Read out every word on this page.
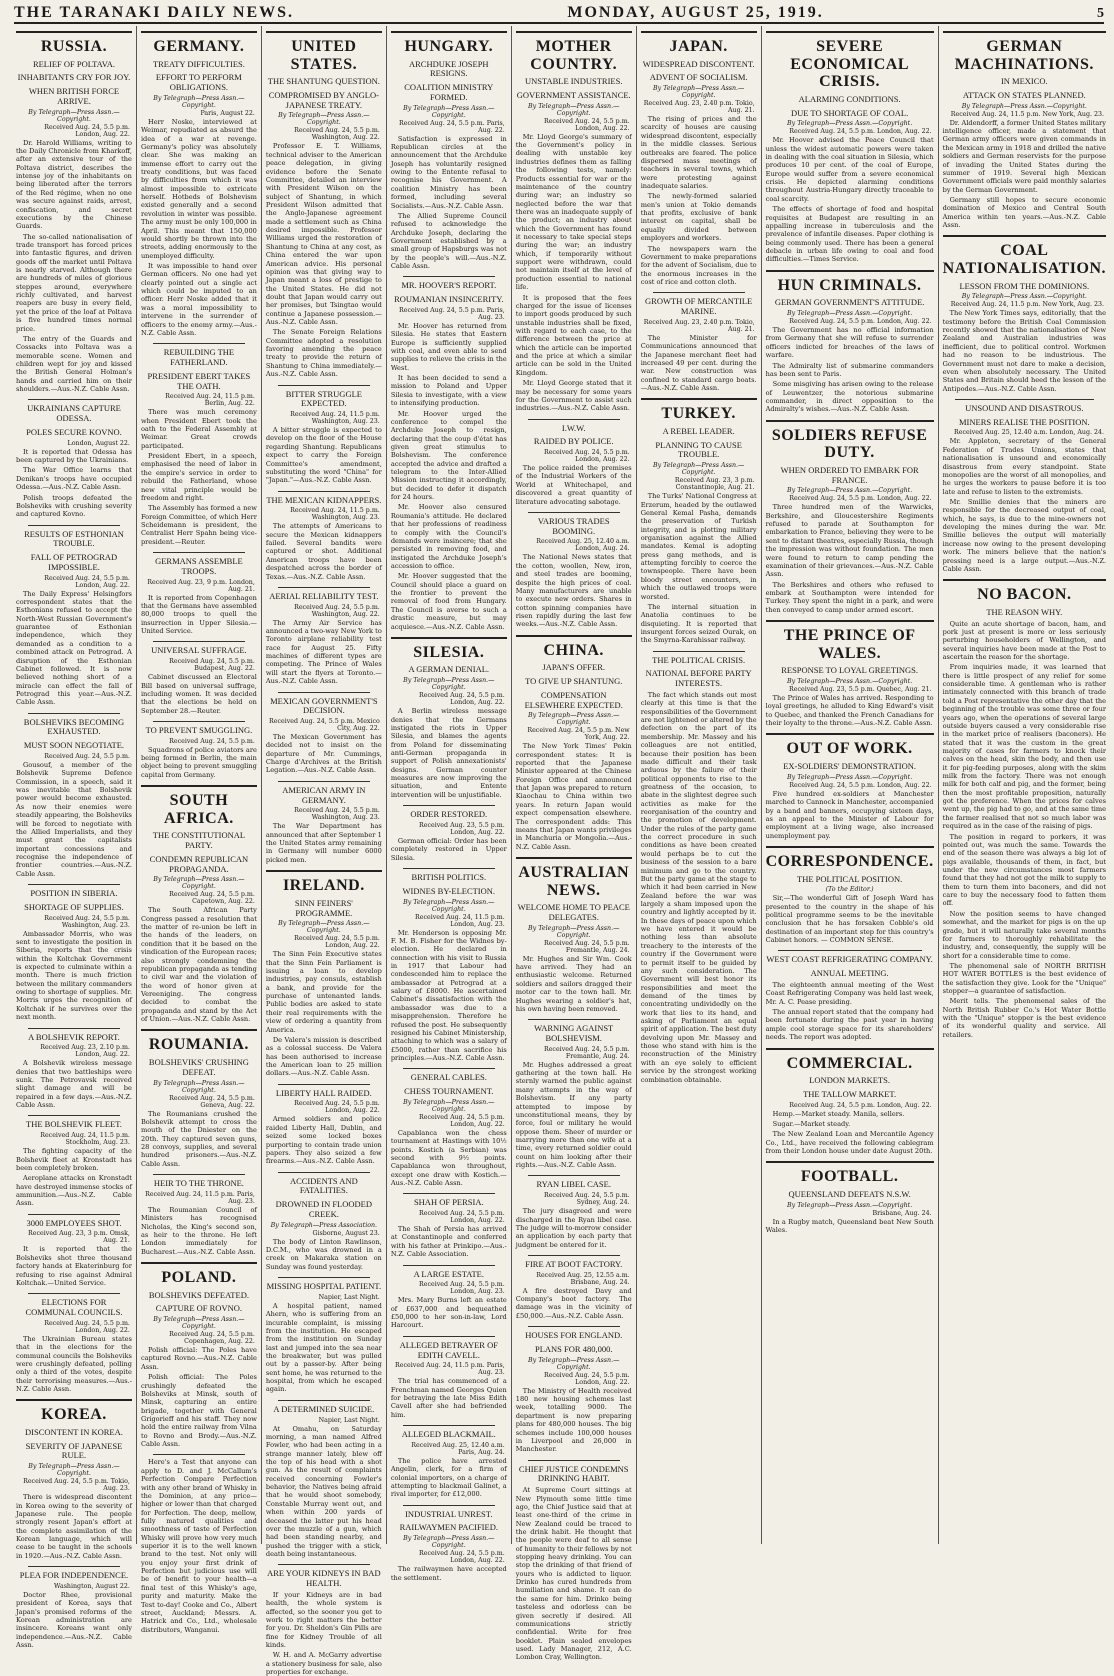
THE TARANAKI DAILY NEWS.	MONDAY, AUGUST 25, 1919.	5
RUSSIA.
RELIEF OF POLTAVA.
INHABITANTS CRY FOR JOY.
WHEN BRITISH FORCE ARRIVE.
By Telegraph—Press Assn.—Copyright.
Received Aug. 24, 5.5 p.m. London, Aug. 22.

Dr. Harold Williams, writing to the Daily Chronicle from Kharkoff, after an extensive tour of the Poltava district, describes the intense joy of the inhabitants on being liberated after the terrors of the Red régime, when no one was secure against raids, arrest, confiscation, and secret executions by the Chinese Guards.

The so-called nationalisation of trade transport has forced prices into fantastic figures, and driven goods off the market until Poltava is nearly starved. Although there are hundreds of miles of glorious steppes around, everywhere richly cultivated, and harvest reapers are busy in every field, yet the price of the loaf at Poltava is five hundred times normal price.

The entry of the Guards and Cossacks into Poltava was a memorable scene. Women and children wept for joy and kissed the British General Holman's hands and carried him on their shoulders.—Aus.-N.Z. Cable Assn.

UKRAINIANS CAPTURE ODESSA.
POLES SECURE KOVNO.
London, August 22.

It is reported that Odessa has been captured by the Ukrainians.

The War Office learns that Denikan's troops have occupied Odessa.—Aus.-N.Z. Cable Assn.

Polish troops defeated the Bolsheviks with crushing severity and captured Kovno.

RESULTS OF ESTHONIAN TROUBLE.
FALL OF PETROGRAD IMPOSSIBLE.
Received Aug. 24, 5.5 p.m. London, Aug. 22.

The Daily Express' Helsingfors correspondent states that the Esthonians refused to accept the North-West Russian Government's guarantee of Esthonian independence, which they demanded as a condition to a combined attack on Petrograd. A disruption of the Esthonian Cabinet followed. It is now believed nothing short of a miracle can effect the fall of Petrograd this year.—Aus.-N.Z. Cable Assn.

BOLSHEVIKS BECOMING EXHAUSTED.
MUST SOON NEGOTIATE.
Received Aug. 24, 5.5 p.m.

Gousouf, a member of the Bolshevik Supreme Defence Commission, in a speech, said it was inevitable that Bolshevik power would become exhausted. As now their enemies were steadily appearing, the Bolsheviks will be forced to negotiate with the Allied Imperialists, and they must grant the capitalists important concessions and recognise the independence of frontier countries.—Aus.-N.Z. Cable Assn.

POSITION IN SIBERIA.
SHORTAGE OF SUPPLIES.
Received Aug. 24, 5.5 p.m. Washington, Aug. 23.

Ambassador Morris, who was sent to investigate the position in Siberia, reports that the crisis within the Koltchak Government is expected to culminate within a month. There is much friction between the military commanders owing to shortage of supplies. Mr. Morris urges the recognition of Koltchak if he survives over the next month.

A BOLSHEVIK REPORT.
Received Aug. 23, 2.10 p.m. London, Aug. 22.

A Bolshevik wireless message denies that two battleships were sunk. The Petrovavsk received slight damage and will be repaired in a few days.—Aus.-N.Z. Cable Assn.

THE BOLSHEVIK FLEET.
Received Aug. 24, 11.5 p.m. Stockholm, Aug. 23.

The fighting capacity of the Bolshevik fleet at Kronstadt has been completely broken.

Aeroplane attacks on Kronstadt have destroyed immense stocks of ammunition.—Aus.-N.Z. Cable Assn.

3000 EMPLOYEES SHOT.
Received Aug. 23, 3 p.m. Omsk, Aug. 21.

It is reported that the Bolsheviks shot three thousand factory hands at Ekaterinburg for refusing to rise against Admiral Koltchak.—United Service.

ELECTIONS FOR COMMUNAL COUNCILS.
Received Aug. 24, 5.5 p.m. London, Aug. 22.

The Ukrainian Bureau states that in the elections for the communal councils the Bolsheviks were crushingly defeated, polling only a third of the votes, despite their terrorising measures.—Aus.-N.Z. Cable Assn.

KOREA.
DISCONTENT IN KOREA.
SEVERITY OF JAPANESE RULE.
By Telegraph—Press Assn.—Copyright.
Received Aug. 24, 5.5 p.m. Tokio, Aug. 23.

There is widespread discontent in Korea owing to the severity of Japanese rule. The people strongly resent Japan's effort at the complete assimilation of the Korean language, which will cease to be taught in the schools in 1920.—Aus.-N.Z. Cable Assn.

PLEA FOR INDEPENDENCE.
Washington, August 22.

Doctor Rhee, provisional president of Korea, says that Japan's promised reforms of the Korean administration are insincere. Koreans want only independence.—Aus.-N.Z. Cable Assn.

GERMANY.
TREATY DIFFICULTIES.
EFFORT TO PERFORM OBLIGATIONS.
By Telegraph—Press Assn.—Copyright.
Paris, August 22.

Herr Noske, interviewed at Weimar, repudiated as absurd the idea of a war at revenge. Germany's policy was absolutely clear. She was making an immense effort to carry out the treaty conditions, but was faced by difficulties from which it was almost impossible to extricate herself. Hotbeds of Bolshevism existed generally and a second revolution in winter was possible. The army must be only 100,000 in April. This meant that 150,000 would shortly be thrown into the streets, adding enormously to the unemployed difficulty.

It was impossible to hand over German officers. No one had yet clearly pointed out a single act which could be imputed to an officer. Herr Noske added that it was a moral impossibility to intervene in the surrender of officers to the enemy army.—Aus.-N.Z. Cable Assn.

REBUILDING THE FATHERLAND.
PRESIDENT EBERT TAKES THE OATH.
Received Aug. 24, 11.5 p.m. Berlin, Aug. 22.

There was much ceremony when President Ebert took the oath to the Federal Assembly at Weimar. Great crowds participated.

President Ebert, in a speech, emphasised the need of labor in the empire's service in order to rebuild the Fatherland, whose new vital principle would be freedom and right.

The Assembly has formed a new Foreign Committee, of which Herr Scheidemann is president, the Centralist Herr Spahn being vice-president.—Reuter.

GERMANS ASSEMBLE TROOPS.
Received Aug. 23, 9 p.m. London, Aug. 21.

It is reported from Copenhagen that the Germans have assembled 80,000 troops to quell the insurrection in Upper Silesia.—United Service.

UNIVERSAL SUFFRAGE.
Received Aug. 24, 5.5 p.m. Budapest, Aug. 22.

Cabinet discussed an Electoral Bill based on universal suffrage, including women. It was decided that the elections be held on September 28.—Reuter.

TO PREVENT SMUGGLING.
Received Aug. 24, 5.5 p.m.

Squadrons of police aviators are being formed in Berlin, the main object being to prevent smuggling capital from Germany.

SOUTH AFRICA.
THE CONSTITUTIONAL PARTY.
CONDEMN REPUBLICAN PROPAGANDA.
By Telegraph—Press Assn.—Copyright.
Received Aug. 24, 5.5 p.m. Capetown, Aug. 22.

The South African Party Congress passed a resolution that the matter of re-union be left in the hands of the leaders, on condition that it be based on the vindication of the European races; also strongly condemning the republican propaganda as tending to civil war and the violation of the word of honor given at Vereeniging. The congress decided to combat the propaganda and stand by the Act of Union.—Aus.-N.Z. Cable Assn.

ROUMANIA.
BOLSHEVIKS' CRUSHING DEFEAT.
By Telegraph—Press Assn.—Copyright.
Received Aug. 24, 5.5 p.m. Geneva, Aug. 22.

The Roumanians crushed the Bolshevik attempt to cross the mouth of the Dniester on the 20th. They captured seven guns, 28 convoys, supplies, and several hundred prisoners.—Aus.-N.Z. Cable Assn.

HEIR TO THE THRONE.
Received Aug. 24, 11.5 p.m. Paris, Aug. 23.

The Roumanian Council of Ministers has recognised Nicholas, the King's second son, as heir to the throne. He left London immediately for Bucharest.—Aus.-N.Z. Cable Assn.

POLAND.
BOLSHEVIKS DEFEATED.
CAPTURE OF ROVNO.
By Telegraph—Press Assn.—Copyright.
Received Aug. 24, 5.5 p.m. Copenhagen, Aug. 22.

Polish official: The Poles have captured Rovno.—Aus.-N.Z. Cable Assn.

Polish official: The Poles crushingly defeated the Bolsheviks at Minsk, south of Minsk, capturing an entire brigade, together with General Grigorieff and his staff. They now hold the entire railway from Vilna to Rovno and Brody.—Aus.-N.Z. Cable Assn.

Here's a Test that anyone can apply to D. and J. McCallum's Perfection Compare Perfection with any other brand of Whisky in the Dominion, at any price—higher or lower than that charged for Perfection. The deep, mellow, fully matured qualities and smoothness of taste of Perfection Whisky will prove how very much superior it is to the well known brand to the test. Not only will you enjoy your first drink of Perfection but judicious use will be of benefit to your health—a final test of this Whisky's age, purity and maturity. Make the Test to-day! Cooke and Co., Albert street, Auckland; Messrs. A. Hatrick and Co., Ltd., wholesale distributors, Wanganui.

UNITED STATES.
THE SHANTUNG QUESTION.
COMPROMISED BY ANGLO-JAPANESE TREATY.
By Telegraph—Press Assn.—Copyright.
Received Aug. 24, 5.5 p.m. Washington, Aug. 22.

Professor E. T. Williams, technical adviser to the American peace delegation, in giving evidence before the Senate Committee, detailed an interview with President Wilson on the subject of Shantung, in which President Wilson admitted that the Anglo-Japanese agreement made a settlement such as China desired impossible. Professor Williams urged the restoration of Shantung to China at any cost, as China entered the war upon American advice. His personal opinion was that giving way to Japan meant a loss of prestige to the United States. He did not doubt that Japan would carry out her promises, but Tsingtao would continue a Japanese possession.—Aus.-N.Z. Cable Assn.

The Senate Foreign Relations Committee adopted a resolution favoring amending the peace treaty to provide the return of Shantung to China immediately.—Aus.-N.Z. Cable Assn.

BITTER STRUGGLE EXPECTED.
Received Aug. 24, 11.5 p.m. Washington, Aug. 23.

A bitter struggle is expected to develop on the floor of the House regarding Shantung. Republicans expect to carry the Foreign Committee's amendment, substituting the word "China" for "Japan."—Aus.-N.Z. Cable Assn.

THE MEXICAN KIDNAPPERS.
Received Aug. 24, 11.5 p.m. Washington, Aug. 23.

The attempts of Americans to secure the Mexican kidnappers failed. Several bandits were captured or shot. Additional American troops have been despatched across the border of Texas.—Aus.-N.Z. Cable Assn.

AERIAL RELIABILITY TEST.
Received Aug. 24, 5.5 p.m. Washington, Aug. 22.

The Army Air Service has announced a two-way New York to Toronto airplane reliability test race for August 25. Fifty machines of different types are competing. The Prince of Wales will start the flyers at Toronto.—Aus.-N.Z. Cable Assn.

MEXICAN GOVERNMENT'S DECISION.
Received Aug. 24, 5.5 p.m. Mexico City, Aug. 22.

The Mexican Government has decided not to insist on the departure of Mr. Cummings, Charge d'Archives at the British Legation.—Aus.-N.Z. Cable Assn.

AMERICAN ARMY IN GERMANY.
Received Aug. 24, 5.5 p.m. Washington, Aug. 23.

The War Department has announced that after September 1 the United States army remaining in Germany will number 6000 picked men.

IRELAND.
SINN FEINERS' PROGRAMME.
By Telegraph—Press Assn.—Copyright.
Received Aug. 24, 5.5 p.m. London, Aug. 22.

The Sinn Fein Executive states that the Sinn Fein Parliament is issuing a loan to develop industries, pay consuls, establish a bank, and provide for the purchase of untenanted lands. Public bodies are asked to state their real requirements with the view of ordering a quantity from America.

De Valera's mission is described as a colossal success. De Valera has been authorised to increase the American loan to 25 million dollars.—Aus.-N.Z. Cable Assn.

LIBERTY HALL RAIDED.
Received Aug. 24, 5.5 p.m. London, Aug. 22.

Armed soldiers and police raided Liberty Hall, Dublin, and seized some locked boxes purporting to contain trade union papers. They also seized a few firearms.—Aus.-N.Z. Cable Assn.

ACCIDENTS AND FATALITIES.
DROWNED IN FLOODED CREEK.
By Telegraph—Press Association.
Gisborne, August 23.

The body of Linton Rawlinson, D.C.M., who was drowned in a creek on Makaraka station on Sunday was found yesterday.

MISSING HOSPITAL PATIENT.
Napier, Last Night.

A hospital patient, named Ahern, who is suffering from an incurable complaint, is missing from the institution. He escaped from the institution on Sunday last and jumped into the sea near the breakwater, but was pulled out by a passer-by. After being sent home, he was returned to the hospital, from which he escaped again.

A DETERMINED SUICIDE.
Napier, Last Night.

At Omahu, on Saturday morning, a man named Alfred Fowler, who had been acting in a strange manner lately, blew off the top of his head with a shot gun. As the result of complaints received concerning Fowler's behavior, the Natives being afraid that he would shoot somebody, Constable Murray went out, and when within 200 yards of deceased the latter put his head over the muzzle of a gun, which had been standing nearby, and pushed the trigger with a stick, death being instantaneous.

ARE YOUR KIDNEYS IN BAD HEALTH.

If your Kidneys are in bad health, the whole system is affected, so the sooner you get to work to right matters the better for you. Dr. Sheldon's Gin Pills are fine for Kidney Trouble of all kinds.

W. H. and A. McGarry advertise a stationery business for sale, also properties for exchange.

HUNGARY.
ARCHDUKE JOSEPH RESIGNS.
COALITION MINISTRY FORMED.
By Telegraph—Press Assn.—Copyright.
Received Aug. 24, 5.5 p.m. Paris, Aug. 22.

Satisfaction is expressed in Republican circles at the announcement that the Archduke Joseph has voluntarily resigned owing to the Entente refusal to recognise his Government. A coalition Ministry has been formed, including several Socialists.—Aus.-N.Z. Cable Assn.

The Allied Supreme Council refused to acknowledge the Archduke Joseph, declaring the Government established by a small group of Hapsburgs was not by the people's will.—Aus.-N.Z. Cable Assn.

MR. HOOVER'S REPORT.
ROUMANIAN INSINCERITY.
Received Aug. 24, 5.5 p.m. Paris, Aug. 23.

Mr. Hoover has returned from Silesia. He states that Eastern Europe is sufficiently supplied with coal, and even able to send supplies to relieve the crisis in the West.

It has been decided to send a mission to Poland and Upper Silesia to investigate, with a view to intensifying production.

Mr. Hoover urged the conference to compel the Archduke Joseph to resign, declaring that the coup d'état has given great stimulus to Bolshevism. The conference accepted the advice and drafted a telegram to the Inter-Allied Mission instructing it accordingly, but decided to defer it dispatch for 24 hours.

Mr. Hoover also censured Roumania's attitude. He declared that her professions of readiness to comply with the Council's demands were insincere; that she persisted in removing food, and instigated the Archduke Joseph's accession to office.

Mr. Hoover suggested that the Council should place a guard on the frontier to prevent the removal of food from Hungary. The Council is averse to such a drastic measure, but may acquiesce.—Aus.-N.Z. Cable Assn.

SILESIA.
A GERMAN DENIAL.
By Telegraph—Press Assn.—Copyright.
Received Aug. 24, 5.5 p.m. London, Aug. 22.

A Berlin wireless message denies that the Germans instigated the riots in Upper Silesia, and blames the agents from Poland for disseminating anti-German propaganda in support of Polish annexationists' designs. German counter measures are now improving the situation, and Entente intervention will be unjustifiable.

ORDER RESTORED.
Received Aug. 23, 5.5 p.m. London, Aug. 22.

German official: Order has been completely restored in Upper Silesia.

BRITISH POLITICS.
WIDNES BY-ELECTION.
By Telegraph—Press Assn.—Copyright.
Received Aug. 24, 11.5 p.m. London, Aug. 23.

Mr. Henderson is opposing Mr. F. M. B. Fisher for the Widnes by-election. He declared in connection with his visit to Russia in 1917 that Labour had condescended him to replace the ambassador at Petrograd at a salary of £8000. He ascertained Cabinet's dissatisfaction with the ambassador was due to a misapprehension. Therefore he refused the post. He subsequently resigned his Cabinet Ministership, attaching to which was a salary of £5000, rather than sacrifice his principles.—Aus.-N.Z. Cable Assn.

GENERAL CABLES.
CHESS TOURNAMENT.
By Telegraph—Press Assn.—Copyright.
Received Aug. 24, 5.5 p.m. London, Aug. 22.

Capablanca won the chess tournament at Hastings with 10½ points. Kostich (a Serbian) was second with 9½ points. Capablanca won throughout, except one draw with Kostich.—Aus.-N.Z. Cable Assn.

SHAH OF PERSIA.
Received Aug. 24, 5.5 p.m. London, Aug. 22.

The Shah of Persia has arrived at Constantinople and conferred with his father at Prinkipo.—Aus.-N.Z. Cable Association.

A LARGE ESTATE.
Received Aug. 24, 5.5 p.m. London, Aug. 23.

Mrs. Mary Burns left an estate of £637,000 and bequeathed £50,000 to her son-in-law, Lord Harcourt.

ALLEGED BETRAYER OF EDITH CAVELL.
Received Aug. 24, 11.5 p.m. Paris, Aug. 23.

The trial has commenced of a Frenchman named Georges Quien for betraying the late Miss Edith Cavell after she had befriended him.

ALLEGED BLACKMAIL.
Received Aug. 25, 12.40 a.m. Paris, Aug. 24.

The police have arrested Angelin, clerk, for a firm of colonial importers, on a charge of attempting to blackmail Galinet, a rival importer, for £12,000.

INDUSTRIAL UNREST.
RAILWAYMEN PACIFIED.
By Telegraph—Press Assn.—Copyright.
Received Aug. 24, 5.5 p.m. London, Aug. 22.

The railwaymen have accepted the settlement.

MOTHER COUNTRY.
UNSTABLE INDUSTRIES.
GOVERNMENT ASSISTANCE.
By Telegraph—Press Assn.—Copyright.
Received Aug. 24, 5.5 p.m. London, Aug. 22.

Mr. Lloyd George's summary of the Government's policy in dealing with unstable key industries defines them as falling the following tests, namely: Products essential for war or the maintenance of the country during war; an industry so neglected before the war that there was an inadequate supply of the product; an industry about which the Government has found it necessary to take special steps during the war; an industry which, if temporarily without support were withdrawn, could not maintain itself at the level of production essential to national life.

It is proposed that the fees charged for the issue of licenses to import goods produced by such unstable industries shall be fixed, with regard to each case, to the difference between the price at which the article can be imported and the price at which a similar article can be sold in the United Kingdom.

Mr. Lloyd George stated that it may be necessary for some years for the Government to assist such industries.—Aus.-N.Z. Cable Assn.

I.W.W.
RAIDED BY POLICE.
Received Aug. 24, 5.5 p.m. London, Aug. 22.

The police raided the premises of the Industrial Workers of the World at Whitechapel, and discovered a great quantity of literature advocating sabotage.

VARIOUS TRADES BOOMING.
Received Aug. 25, 12.40 a.m. London, Aug. 24.

The National News states that the cotton, woollen, New, iron, and steel trades are booming, despite the high prices of coal. Many manufacturers are unable to execute new orders. Shares in cotton spinning companies have risen rapidly during the last few weeks.—Aus.-N.Z. Cable Assn.

CHINA.
JAPAN'S OFFER.
TO GIVE UP SHANTUNG.
COMPENSATION ELSEWHERE EXPECTED.
By Telegraph—Press Assn.—Copyright.
Received Aug. 24, 5.5 p.m. New York, Aug. 22.

The New York Times' Pekin correspondent states: It is reported that the Japanese Minister appeared at the Chinese Foreign Office and announced that Japan was prepared to return Kiaochau to China within two years. In return Japan would expect compensation elsewhere. The correspondent adds: This means that Japan wants privileges in Manchuria or Mongolia.—Aus.-N.Z. Cable Assn.

AUSTRALIAN NEWS.
WELCOME HOME TO PEACE DELEGATES.
By Telegraph—Press Assn.—Copyright.
Received Aug. 24, 5.5 p.m. Fremantle, Aug. 24.

Mr. Hughes and Sir Wm. Cook have arrived. They had an enthusiastic welcome. Returned soldiers and sailors dragged their motor car to the town hall. Mr. Hughes wearing a soldier's hat, his own having been removed.

WARNING AGAINST BOLSHEVISM.
Received Aug. 24, 5.5 p.m. Fremantle, Aug. 24.

Mr. Hughes addressed a great gathering at the town hall. He sternly warned the public against many attempts in the way of Bolshevism. If any party attempted to impose by unconstitutional means, they by force, foul or military he would oppose them. Sheer of murder or marrying more than one wife at a time, every returned soldier could count on him looking after their rights.—Aus.-N.Z. Cable Assn.

RYAN LIBEL CASE.
Received Aug. 24, 5.5 p.m. Sydney, Aug. 24.

The jury disagreed and were discharged in the Ryan libel case. The judge will to-morrow consider an application by each party that judgment be entered for it.

FIRE AT BOOT FACTORY.
Received Aug. 25, 12.55 a.m. Brisbane, Aug. 24.

A fire destroyed Davy and Company's boot factory. The damage was in the vicinity of £50,000.—Aus.-N.Z. Cable Assn.

HOUSES FOR ENGLAND.
PLANS FOR 480,000.
By Telegraph—Press Assn.—Copyright.
Received Aug. 24, 5.5 p.m. London, Aug. 22.

The Ministry of Health received 180 new housing schemes last week, totalling 9000. The department is now preparing plans for 480,000 houses. The big schemes include 100,000 houses in Liverpool and 26,000 in Manchester.

CHIEF JUSTICE CONDEMNS DRINKING HABIT.

At Supreme Court sittings at New Plymouth some little time ago, the Chief Justice said that at least one-third of the crime in New Zealand could be traced to the drink habit. He thought that the people were deaf to all sense of humanity to their fellows by not stopping heavy drinking. You can stop the drinking of that friend of yours who is addicted to liquor. Drinko has cured hundreds from humiliation and shame. It can do the same for him. Drinko being tasteless and odorless can be given secretly if desired. All communications strictly confidential. Write for free booklet. Plain sealed envelopes used. Lady Manager, 212, A.C. Lombon Cray, Wellington.

JAPAN.
WIDESPREAD DISCONTENT.
ADVENT OF SOCIALISM.
By Telegraph—Press Assn.—Copyright.
Received Aug. 23, 2.40 p.m. Tokio, Aug. 21.

The rising of prices and the scarcity of houses are causing widespread discontent, especially in the middle classes. Serious outbreaks are feared. The police dispersed mass meetings of teachers in several towns, which were protesting against inadequate salaries.

The newly-formed salaried men's union at Tokio demands that profits, exclusive of bank interest on capital, shall be equally divided between employers and workers.

The newspapers warn the Government to make preparations for the advent of Socialism, due to the enormous increases in the cost of rice and cotton cloth.

GROWTH OF MERCANTILE MARINE.
Received Aug. 23, 2.40 p.m. Tokio, Aug. 21.

The Minister for Communications announced that the Japanese merchant fleet had increased 49 per cent. during the war. New construction was confined to standard cargo boats.—Aus.-N.Z. Cable Assn.

TURKEY.
A REBEL LEADER.
PLANNING TO CAUSE TROUBLE.
By Telegraph—Press Assn.—Copyright.
Received Aug. 23, 3 p.m. Constantinople, Aug. 21.

The Turks' National Congress at Erzerum, headed by the outlawed General Kemal Pasha, demands the preservation of Turkish integrity, and is plotting military organisation against the Allied mandates. Kemal is adopting press gang methods, and is attempting forcibly to coerce the townspeople. There have been bloody street encounters, in which the outlawed troops were worsted.

The internal situation in Anatolia continues to be disquieting. It is reported that insurgent forces seized Ourak, on the Smyrna-Karahissar railway.

THE POLITICAL CRISIS.
NATIONAL BEFORE PARTY INTERESTS.

The fact which stands out most clearly at this time is that the responsibilities of the Government are not lightened or altered by the defection on the part of its membership. Mr. Massey and his colleagues are not entitled, because their position has been made difficult and their task arduous by the failure of their political opponents to rise to the greatness of the occasion, to abate in the slightest degree such activities as make for the reorganisation of the country and the promotion of development. Under the rules of the party game the correct procedure in such conditions as have been created would perhaps be to cut the business of the session to a bare minimum and go to the country. But the party game at the stage to which it had been carried in New Zealand before the war was largely a sham imposed upon the country and lightly accepted by it. In these days of peace upon which we have entered it would be nothing less than absolute treachery to the interests of the country if the Government were to permit itself to be guided by any such consideration. The Government will best honor its responsibilities and meet the demand of the times by concentrating undividedly on the work that lies to its hand, and asking of Parliament an equal spirit of application. The best duty devolving upon Mr. Massey and those who stand with him is the reconstruction of the Ministry with an eye solely to efficient service by the strongest working combination obtainable.

SEVERE ECONOMICAL CRISIS.
ALARMING CONDITIONS.
DUE TO SHORTAGE OF COAL.
By Telegraph—Press Assn.—Copyright.
Received Aug. 24, 5.5 p.m. London, Aug. 22.

Mr. Hoover advised the Peace Council that unless the widest automatic powers were taken in dealing with the coal situation in Silesia, which produces 10 per cent. of the coal of Europe, Europe would suffer from a severe economical crisis. He depicted alarming conditions throughout Austria-Hungary directly traceable to coal scarcity.

The effects of shortage of food and hospital requisites at Budapest are resulting in an appalling increase in tuberculosis and the prevalence of infantile diseases. Paper clothing is being commonly used. There has been a general debacle in urban life owing to coal and food difficulties.—Times Service.

HUN CRIMINALS.
GERMAN GOVERNMENT'S ATTITUDE.
By Telegraph—Press Assn.—Copyright.
Received Aug. 24, 5.5 p.m. London, Aug. 22.

The Government has no official information from Germany that she will refuse to surrender officers indicted for breaches of the laws of warfare.

The Admiralty list of submarine commanders has been sent to Paris.

Some misgiving has arisen owing to the release of Leuwentzer, the notorious submarine commander, in direct opposition to the Admiralty's wishes.—Aus.-N.Z. Cable Assn.

SOLDIERS REFUSE DUTY.
WHEN ORDERED TO EMBARK FOR FRANCE.
By Telegraph—Press Assn.—Copyright.
Received Aug. 24, 5.5 p.m. London, Aug. 22.

Three hundred men of the Warwicks, Berkshire, and Gloucestershire Regiments refused to parade at Southampton for embarkation to France, believing they were to be sent to distant theatres, especially Russia, though the impression was without foundation. The men were found to return to camp pending the examination of their grievances.—Aus.-N.Z. Cable Assn.

The Berkshires and others who refused to embark at Southampton were intended for Turkey. They spent the night in a park, and were then conveyed to camp under armed escort.

THE PRINCE OF WALES.
RESPONSE TO LOYAL GREETINGS.
By Telegraph—Press Assn.—Copyright.
Received Aug. 23, 5.5 p.m. Quebec, Aug. 21.

The Prince of Wales has arrived. Responding to loyal greetings, he alluded to King Edward's visit to Quebec, and thanked the French Canadians for their loyalty to the throne.—Aus.-N.Z. Cable Assn.

OUT OF WORK.
EX-SOLDIERS' DEMONSTRATION.
By Telegraph—Press Assn.—Copyright.
Received Aug. 24, 5.5 p.m. London, Aug. 22.

Five hundred ex-soldiers at Manchester marched to Cannock in Manchester, accompanied by a band and banners, occupying sixteen days, as an appeal to the Minister of Labour for employment at a living wage, also increased unemployment pay.

CORRESPONDENCE.
THE POLITICAL POSITION.
(To the Editor.)

Sir,—The wonderful Gift of Joseph Ward has presented to the country in the shape of his political programme seems to be the inevitable conclusion that he has forsaken Cobble's old destination of an important step for this country's Cabinet honors. — COMMON SENSE.

WEST COAST REFRIGERATING COMPANY.
ANNUAL MEETING.

The eighteenth annual meeting of the West Coast Refrigerating Company was held last week, Mr. A. C. Pease presiding.

The annual report stated that the company had been fortunate during the past year in having ample cool storage space for its shareholders' needs. The report was adopted.

COMMERCIAL.
LONDON MARKETS.
THE TALLOW MARKET.
Received Aug. 24, 5.5 p.m. London, Aug. 22.

Hemp.—Market steady. Manila, sellers.

Sugar.—Market steady.

The New Zealand Loan and Mercantile Agency Co., Ltd., have received the following cablegram from their London house under date August 20th.

FOOTBALL.
QUEENSLAND DEFEATS N.S.W.
By Telegraph—Press Assn.—Copyright.
Brisbane, Aug. 24.

In a Rugby match, Queensland beat New South Wales.

GERMAN MACHINATIONS.
IN MEXICO.
ATTACK ON STATES PLANNED.
By Telegraph—Press Assn.—Copyright.
Received Aug. 24, 11.5 p.m. New York, Aug. 23.

Dr. Aldendorff, a former United States military intelligence officer, made a statement that German army officers were given commands in the Mexican army in 1918 and drilled the native soldiers and German reservists for the purpose of invading the United States during the summer of 1919. Several high Mexican Government officials were paid monthly salaries by the German Government.

Germany still hopes to secure economic domination of Mexico and Central South America within ten years.—Aus.-N.Z. Cable Assn.

COAL NATIONALISATION.
LESSON FROM THE DOMINIONS.
By Telegraph—Press Assn.—Copyright.
Received Aug. 24, 11.5 p.m. New York, Aug. 23.

The New York Times says, editorially, that the testimony before the British Coal Commission recently showed that the nationalisation of New Zealand and Australian industries was inefficient, due to political control. Workmen had no reason to be industrious. The Government must not dare to make a decision, even when absolutely necessary. The United States and Britain should heed the lesson of the Antipodes.—Aus.-N.Z. Cable Assn.

UNSOUND AND DISASTROUS.
MINERS REALISE THE POSITION.
Received Aug. 25, 12.40 a.m. London, Aug. 24.

Mr. Appleton, secretary of the General Federation of Trades Unions, states that nationalisation is unsound and economically disastrous from every standpoint. State monopolies are the worst of all monopolies, and he urges the workers to pause before it is too late and refuse to listen to the extremists.

Mr. Smillie denies that the miners are responsible for the decreased output of coal, which, he says, is due to the mine-owners not developing the mines during the war. Mr. Smillie believes the output will materially increase now owing to the present developing work. The miners believe that the nation's pressing need is a large output.—Aus.-N.Z. Cable Assn.

NO BACON.
THE REASON WHY.

Quite an acute shortage of bacon, ham, and pork just at present is more or less seriously perturbing householders of Wellington, and several inquiries have been made at the Post to ascertain the reason for the shortage.

From inquiries made, it was learned that there is little prospect of any relief for some considerable time. A gentleman who is rather intimately connected with this branch of trade told a Post representative the other day that the beginning of the trouble was some three or four years ago, when the operations of several large outside buyers caused a very considerable rise in the market price of realisers (baconers). He stated that it was the custom in the great majority of cases for farmers to knock their calves on the head, skin the body, and then use it for pig-feeding purposes, along with the skim milk from the factory. There was not enough milk for both calf and pig, and the former, being then the most profitable proposition, naturally got the preference. When the prices for calves went up, the pig had to go, and at the same time the farmer realised that not so much labor was required as in the case of the raising of pigs.

The position in regard to porkers, it was pointed out, was much the same. Towards the end of the season there was always a big lot of pigs available, thousands of them, in fact, but under the new circumstances most farmers found that they had not got the milk to supply to them to turn them into baconers, and did not care to buy the necessary food to fatten them off.

Now the position seems to have changed somewhat, and the market for pigs is on the up grade, but it will naturally take several months for farmers to thoroughly rehabilitate the industry, and, consequently, the supply will be short for a considerable time to come.

The phenomenal sale of NORTH BRITISH HOT WATER BOTTLES is the best evidence of the satisfaction they give. Look for the "Unique" stopper—a guarantee of satisfaction.

Merit tells. The phenomenal sales of the North British Rubber Co.'s Hot Water Bottle with the "Unique" stopper is the best evidence of its wonderful quality and service. All retailers.
